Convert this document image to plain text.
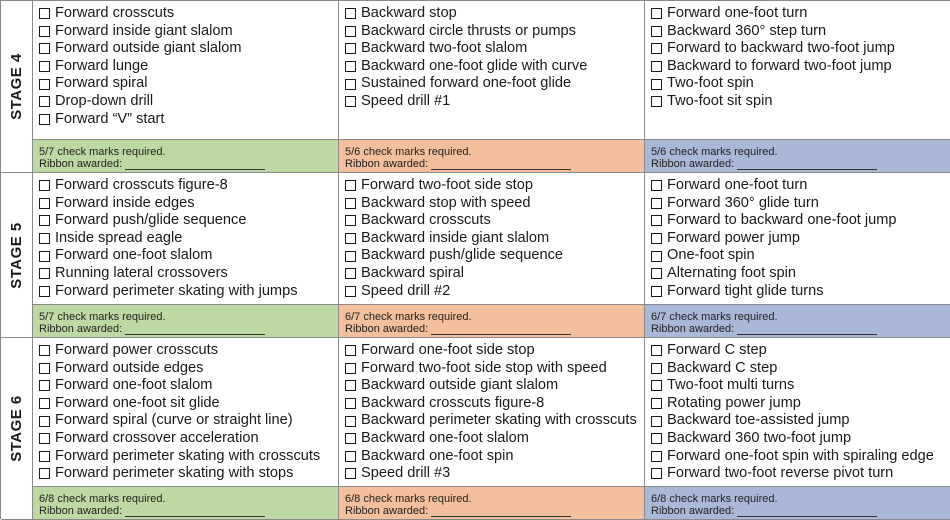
STAGE 4
Forward crosscuts
Forward inside giant slalom
Forward outside giant slalom
Forward lunge
Forward spiral
Drop-down drill
Forward “V” start
5/7 check marks required.
Ribbon awarded:
Backward stop
Backward circle thrusts or pumps
Backward two-foot slalom
Backward one-foot glide with curve
Sustained forward one-foot glide
Speed drill #1
5/6 check marks required.
Ribbon awarded:
Forward one-foot turn
Backward 360° step turn
Forward to backward two-foot jump
Backward to forward two-foot jump
Two-foot spin
Two-foot sit spin
5/6 check marks required.
Ribbon awarded:
STAGE 5
Forward crosscuts figure-8
Forward inside edges
Forward push/glide sequence
Inside spread eagle
Forward one-foot slalom
Running lateral crossovers
Forward perimeter skating with jumps
5/7 check marks required.
Ribbon awarded:
Forward two-foot side stop
Backward stop with speed
Backward crosscuts
Backward inside giant slalom
Backward push/glide sequence
Backward spiral
Speed drill #2
6/7 check marks required.
Ribbon awarded:
Forward one-foot turn
Forward 360° glide turn
Forward to backward one-foot jump
Forward power jump
One-foot spin
Alternating foot spin
Forward tight glide turns
6/7 check marks required.
Ribbon awarded:
STAGE 6
Forward power crosscuts
Forward outside edges
Forward one-foot slalom
Forward one-foot sit glide
Forward spiral (curve or straight line)
Forward crossover acceleration
Forward perimeter skating with crosscuts
Forward perimeter skating with stops
6/8 check marks required.
Ribbon awarded:
Forward one-foot side stop
Forward two-foot side stop with speed
Backward outside giant slalom
Backward crosscuts figure-8
Backward perimeter skating with crosscuts
Backward one-foot slalom
Backward one-foot spin
Speed drill #3
6/8 check marks required.
Ribbon awarded:
Forward C step
Backward C step
Two-foot multi turns
Rotating power jump
Backward toe-assisted jump
Backward 360 two-foot jump
Forward one-foot spin with spiraling edge
Forward two-foot reverse pivot turn
6/8 check marks required.
Ribbon awarded:
